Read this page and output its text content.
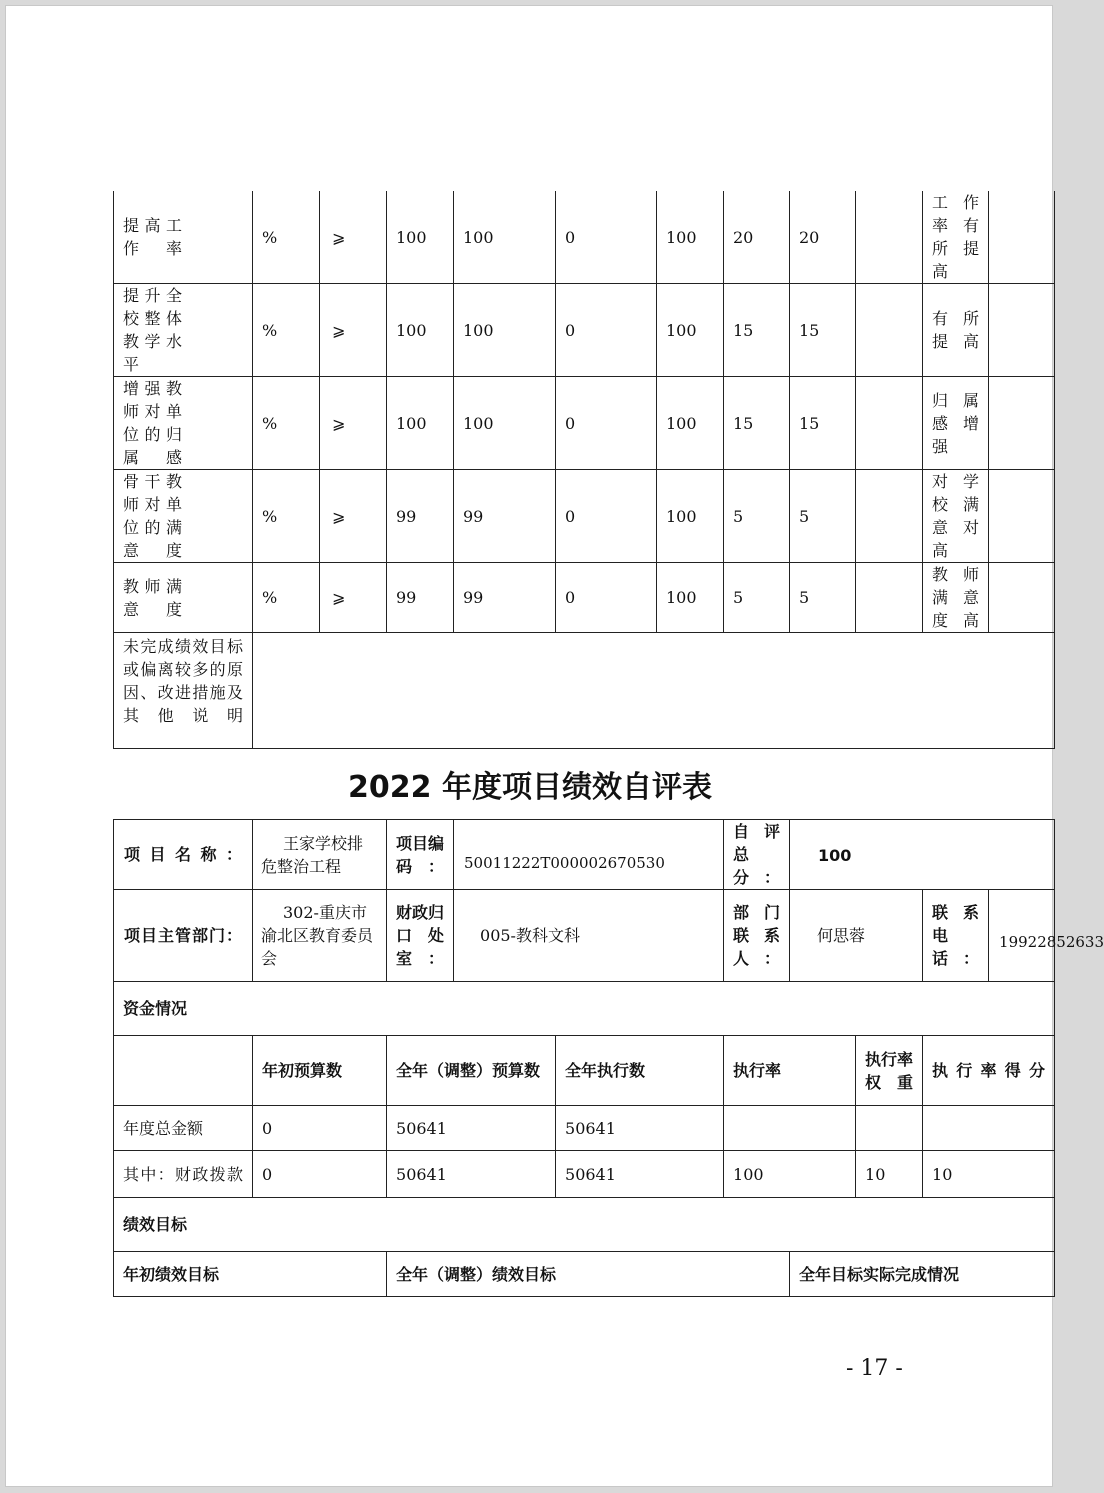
提高工作率	%	⩾	100	100	0	100	20	20		工作率有所提高	
提升全校整体教学水平	%	⩾	100	100	0	100	15	15		有所提高	
增强教师对单位的归属感	%	⩾	100	100	0	100	15	15		归属感增强	
骨干教师对单位的满意度	%	⩾	99	99	0	100	5	5		对学校满意对高	
教师满意度	%	⩾	99	99	0	100	5	5		教师满意度高	
未完成绩效目标或偏离较多的原因、改进措施及其他说明											
2022 年度项目绩效自评表
项目名称：	王家学校排危整治工程	项目编码：	50011222T000002670530		自评总分：	100			
项目主管部门：	302-重庆市渝北区教育委员会	财政归口处室：	005-教科文科		部门联系人：	何思蓉		联系电话：	19922852633
资金情况									
	年初预算数	全年（调整）预算数		全年执行数	执行率		执行率权重	执行率得分	
年度总金额	0	50641		50641					
其中：财政拨款	0	50641		50641	100		10	10	
绩效目标									
年初绩效目标		全年（调整）绩效目标				全年目标实际完成情况			
- 17 -
